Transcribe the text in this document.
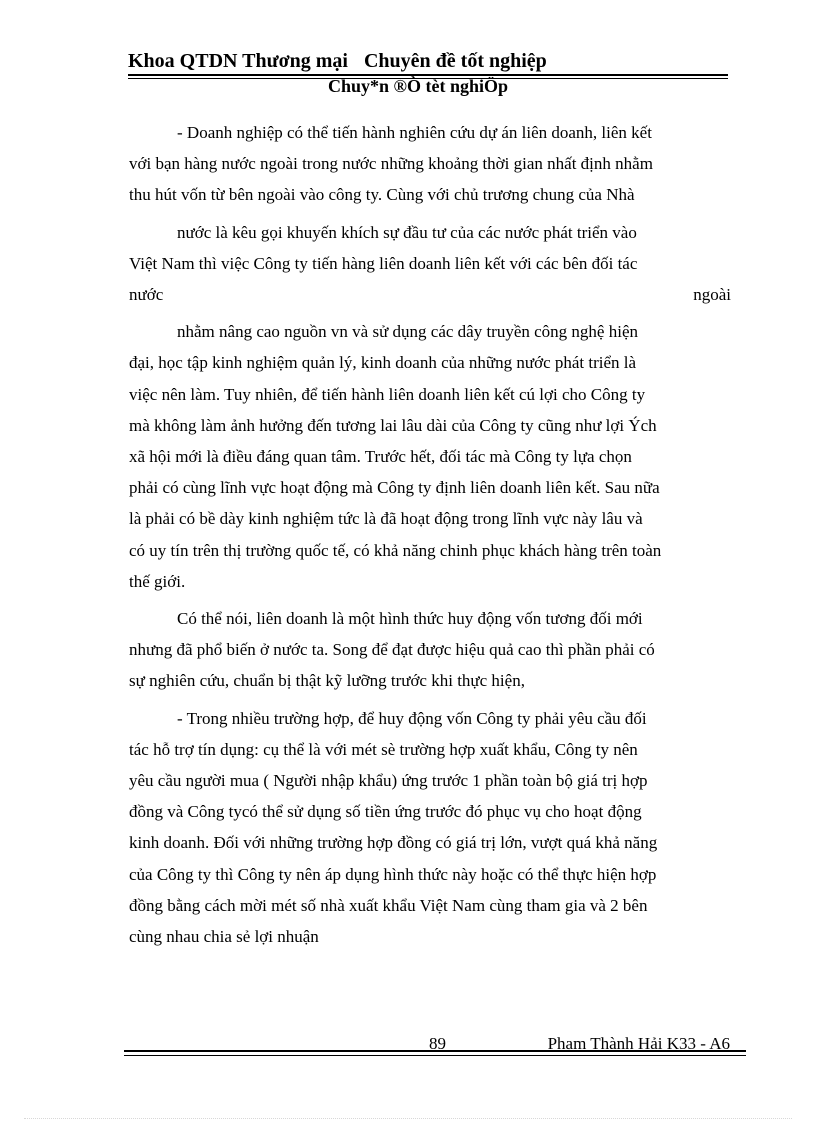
Khoa QTDN Thương mại Chuyên đề tốt nghiệp
Chuy*n ®Ò tèt nghiÖp

- Doanh nghiệp có thể tiến hành nghiên cứu dự án liên doanh, liên kết

với bạn hàng nước ngoài trong nước những khoảng thời gian nhất định nhằm

thu hút vốn từ bên ngoài vào công ty. Cùng với chủ trương chung của Nhà

nước là kêu gọi khuyến khích sự đầu tư của các nước phát triển vào

Việt Nam thì việc Công ty tiến hàng liên doanh liên kết với các bên đối tác

nước	ngoài

nhằm nâng cao nguồn vn và sử dụng các dây truyền công nghệ hiện

đại, học tập kinh nghiệm quản lý, kinh doanh của những nước phát triển là

việc nên làm. Tuy nhiên, để tiến hành liên doanh liên kết cú lợi cho Công ty

mà không làm ảnh hưởng đến tương lai lâu dài của Công ty cũng như lợi Ých

xã hội mới là điều đáng quan tâm. Trước hết, đối tác mà Công ty lựa chọn

phải có cùng lĩnh vực hoạt động mà Công ty định liên doanh liên kết. Sau nữa

là phải có bề dày kinh nghiệm tức là đã hoạt động trong lĩnh vực này lâu và

có uy tín trên thị trường quốc tế, có khả năng chinh phục khách hàng trên toàn

thế giới.

Có thể nói, liên doanh là một hình thức huy động vốn tương đối mới

nhưng đã phổ biến ở nước ta. Song để đạt được hiệu quả cao thì phần phải có

sự nghiên cứu, chuẩn bị thật kỹ lưỡng trước khi thực hiện,

- Trong nhiều trường hợp, để huy động vốn Công ty phải yêu cầu đối

tác hỗ trợ tín dụng: cụ thể là với mét sè trường hợp xuất khẩu, Công ty nên

yêu cầu người mua ( Người nhập khẩu) ứng trước 1 phần toàn bộ giá trị hợp

đồng và Công tycó thể sử dụng số tiền ứng trước đó phục vụ cho hoạt động

kinh doanh. Đối với những trường hợp đồng có giá trị lớn, vượt quá khả năng

của Công ty thì Công ty nên áp dụng hình thức này hoặc có thể thực hiện hợp

đồng bằng cách mời mét số nhà xuất khẩu Việt Nam cùng tham gia và 2 bên

cùng nhau chia sẻ lợi nhuận

89	Phạm Thành Hải K33 - A6
